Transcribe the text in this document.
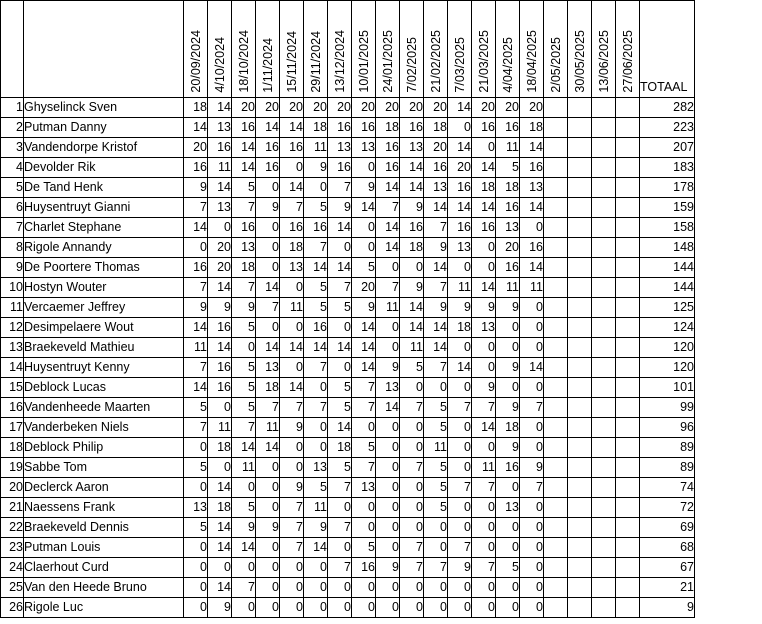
		20/09/2024	4/10/2024	18/10/2024	1/11/2024	15/11/2024	29/11/2024	13/12/2024	10/01/2025	24/01/2025	7/02/2025	21/02/2025	7/03/2025	21/03/2025	4/04/2025	18/04/2025	2/05/2025	30/05/2025	13/06/2025	27/06/2025	TOTAAL
1	Ghyselinck Sven	18	14	20	20	20	20	20	20	20	20	20	14	20	20	20					282
2	Putman Danny	14	13	16	14	14	18	16	16	18	16	18	0	16	16	18					223
3	Vandendorpe Kristof	20	16	14	16	16	11	13	13	16	13	20	14	0	11	14					207
4	Devolder Rik	16	11	14	16	0	9	16	0	16	14	16	20	14	5	16					183
5	De Tand Henk	9	14	5	0	14	0	7	9	14	14	13	16	18	18	13					178
6	Huysentruyt Gianni	7	13	7	9	7	5	9	14	7	9	14	14	14	16	14					159
7	Charlet Stephane	14	0	16	0	16	16	14	0	14	16	7	16	16	13	0					158
8	Rigole Annandy	0	20	13	0	18	7	0	0	14	18	9	13	0	20	16					148
9	De Poortere Thomas	16	20	18	0	13	14	14	5	0	0	14	0	0	16	14					144
10	Hostyn Wouter	7	14	7	14	0	5	7	20	7	9	7	11	14	11	11					144
11	Vercaemer Jeffrey	9	9	9	7	11	5	5	9	11	14	9	9	9	9	0					125
12	Desimpelaere Wout	14	16	5	0	0	16	0	14	0	14	14	18	13	0	0					124
13	Braekeveld Mathieu	11	14	0	14	14	14	14	14	0	11	14	0	0	0	0					120
14	Huysentruyt Kenny	7	16	5	13	0	7	0	14	9	5	7	14	0	9	14					120
15	Deblock Lucas	14	16	5	18	14	0	5	7	13	0	0	0	9	0	0					101
16	Vandenheede Maarten	5	0	5	7	7	7	5	7	14	7	5	7	7	9	7					99
17	Vanderbeken Niels	7	11	7	11	9	0	14	0	0	0	5	0	14	18	0					96
18	Deblock Philip	0	18	14	14	0	0	18	5	0	0	11	0	0	9	0					89
19	Sabbe Tom	5	0	11	0	0	13	5	7	0	7	5	0	11	16	9					89
20	Declerck Aaron	0	14	0	0	9	5	7	13	0	0	5	7	7	0	7					74
21	Naessens Frank	13	18	5	0	7	11	0	0	0	0	5	0	0	13	0					72
22	Braekeveld Dennis	5	14	9	9	7	9	7	0	0	0	0	0	0	0	0					69
23	Putman Louis	0	14	14	0	7	14	0	5	0	7	0	7	0	0	0					68
24	Claerhout Curd	0	0	0	0	0	0	7	16	9	7	7	9	7	5	0					67
25	Van den Heede Bruno	0	14	7	0	0	0	0	0	0	0	0	0	0	0	0					21
26	Rigole Luc	0	9	0	0	0	0	0	0	0	0	0	0	0	0	0					9
